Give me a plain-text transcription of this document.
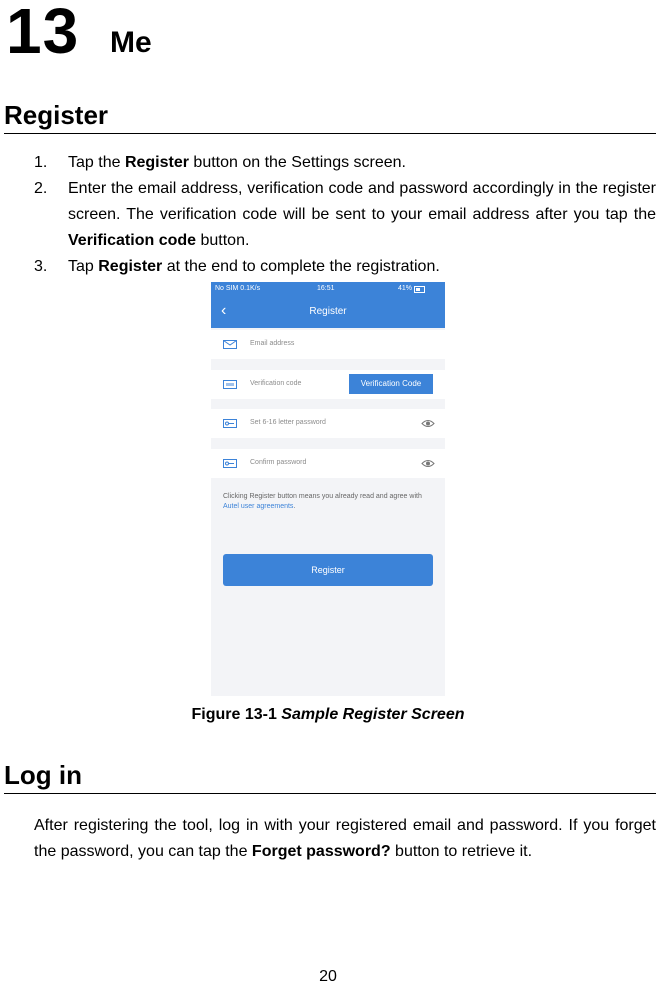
13 Me
Register
1. Tap the Register button on the Settings screen.
2. Enter the email address, verification code and password accordingly in the register screen. The verification code will be sent to your email address after you tap the Verification code button.
3. Tap Register at the end to complete the registration.
No SIM 0.1K/s	16:51	41%
‹	Register
Email address
Verification code	Verification Code
Set 6-16 letter password
Confirm password
Clicking Register button means you already read and agree with Autel user agreements.
Register
Figure 13-1 Sample Register Screen
Log in
After registering the tool, log in with your registered email and password. If you forget the password, you can tap the Forget password? button to retrieve it.
20
